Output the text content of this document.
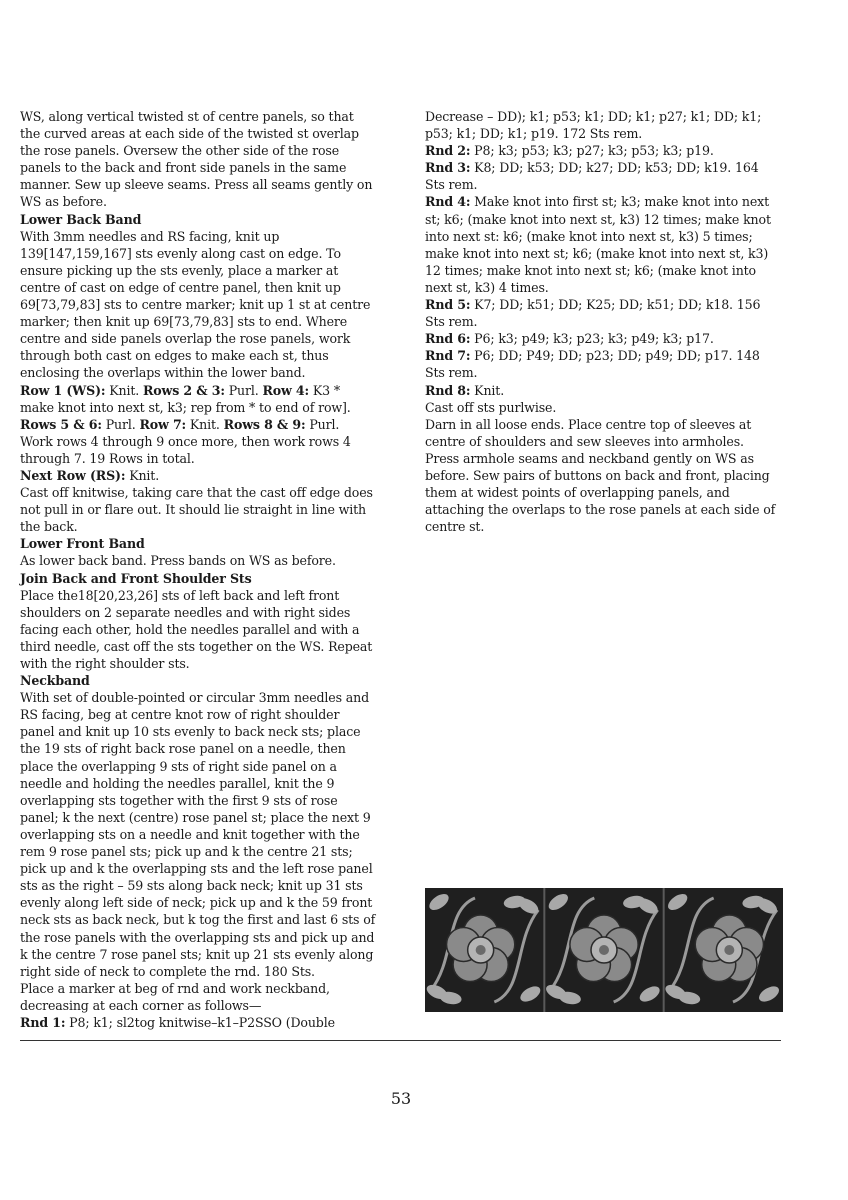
WS, along vertical twisted st of centre panels, so that the curved areas at each side of the twisted st overlap the rose panels. Oversew the other side of the rose panels to the back and front side panels in the same manner. Sew up sleeve seams. Press all seams gently on WS as before.

Lower Back Band

With 3mm needles and RS facing, knit up 139[147,159,167] sts evenly along cast on edge. To ensure picking up the sts evenly, place a marker at centre of cast on edge of centre panel, then knit up 69[73,79,83] sts to centre marker; knit up 1 st at centre marker; then knit up 69[73,79,83] sts to end. Where centre and side panels overlap the rose panels, work through both cast on edges to make each st, thus enclosing the overlaps within the lower band.

Row 1 (WS): Knit. Rows 2 & 3: Purl. Row 4: K3 * make knot into next st, k3; rep from * to end of row]. Rows 5 & 6: Purl. Row 7: Knit. Rows 8 & 9: Purl.

Work rows 4 through 9 once more, then work rows 4 through 7. 19 Rows in total.

Next Row (RS): Knit.

Cast off knitwise, taking care that the cast off edge does not pull in or flare out. It should lie straight in line with the back.

Lower Front Band

As lower back band. Press bands on WS as before.

Join Back and Front Shoulder Sts

Place the18[20,23,26] sts of left back and left front shoulders on 2 separate needles and with right sides facing each other, hold the needles parallel and with a third needle, cast off the sts together on the WS. Repeat with the right shoulder sts.

Neckband

With set of double-pointed or circular 3mm needles and RS facing, beg at centre knot row of right shoulder panel and knit up 10 sts evenly to back neck sts; place the 19 sts of right back rose panel on a needle, then place the overlapping 9 sts of right side panel on a needle and holding the needles parallel, knit the 9 overlapping sts together with the first 9 sts of rose panel; k the next (centre) rose panel st; place the next 9 overlapping sts on a needle and knit together with the rem 9 rose panel sts; pick up and k the centre 21 sts; pick up and k the overlapping sts and the left rose panel sts as the right – 59 sts along back neck; knit up 31 sts evenly along left side of neck; pick up and k the 59 front neck sts as back neck, but k tog the first and last 6 sts of the rose panels with the overlapping sts and pick up and k the centre 7 rose panel sts; knit up 21 sts evenly along right side of neck to complete the rnd. 180 Sts.

Place a marker at beg of rnd and work neckband, decreasing at each corner as follows—

Rnd 1: P8; k1; sl2tog knitwise–k1–P2SSO (Double

Decrease – DD); k1; p53; k1; DD; k1; p27; k1; DD; k1; p53; k1; DD; k1; p19. 172 Sts rem.

Rnd 2: P8; k3; p53; k3; p27; k3; p53; k3; p19.

Rnd 3: K8; DD; k53; DD; k27; DD; k53; DD; k19. 164 Sts rem.

Rnd 4: Make knot into first st; k3; make knot into next st; k6; (make knot into next st, k3) 12 times; make knot into next st: k6; (make knot into next st, k3) 5 times; make knot into next st; k6; (make knot into next st, k3) 12 times; make knot into next st; k6; (make knot into next st, k3) 4 times.

Rnd 5: K7; DD; k51; DD; K25; DD; k51; DD; k18. 156 Sts rem.

Rnd 6: P6; k3; p49; k3; p23; k3; p49; k3; p17.

Rnd 7: P6; DD; P49; DD; p23; DD; p49; DD; p17. 148 Sts rem.

Rnd 8: Knit.

Cast off sts purlwise.

Darn in all loose ends. Place centre top of sleeves at centre of shoulders and sew sleeves into armholes. Press armhole seams and neckband gently on WS as before. Sew pairs of buttons on back and front, placing them at widest points of overlapping panels, and attaching the overlaps to the rose panels at each side of centre st.

53
